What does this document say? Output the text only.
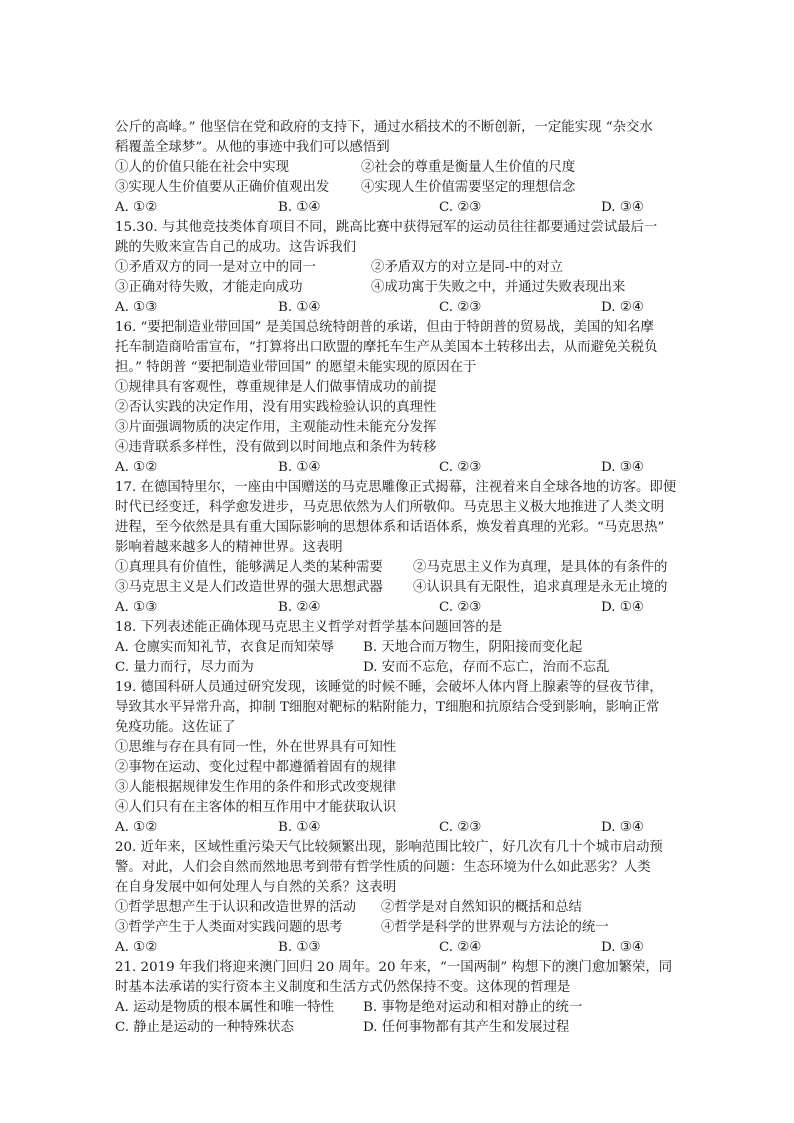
公斤的高峰。” 他坚信在党和政府的支持下，通过水稻技术的不断创新，一定能实现 “杂交水
稻覆盖全球梦”。从他的事迹中我们可以感悟到
①人的价值只能在社会中实现	②社会的尊重是衡量人生价值的尺度
③实现人生价值要从正确价值观出发	④实现人生价值需要坚定的理想信念
A. ①②	B. ①④	C. ②③	D. ③④
15.30. 与其他竞技类体育项目不同，跳高比赛中获得冠军的运动员往往都要通过尝试最后一
跳的失败来宣告自己的成功。这告诉我们
①矛盾双方的同一是对立中的同一	②矛盾双方的对立是同-中的对立
③正确对待失败，才能走向成功	④成功寓于失败之中，并通过失败表现出来
A. ①③	B. ①④	C. ②③	D. ②④
16. “要把制造业带回国” 是美国总统特朗普的承诺，但由于特朗普的贸易战，美国的知名摩
托车制造商哈雷宣布，“打算将出口欧盟的摩托车生产从美国本土转移出去，从而避免关税负
担。” 特朗普 “要把制造业带回国” 的愿望未能实现的原因在于
①规律具有客观性，尊重规律是人们做事情成功的前提
②否认实践的决定作用，没有用实践检验认识的真理性
③片面强调物质的决定作用，主观能动性未能充分发挥
④违背联系多样性，没有做到以时间地点和条件为转移
A. ①②	B. ①④	C. ②③	D. ③④
17. 在德国特里尔，一座由中国赠送的马克思雕像正式揭幕，注视着来自全球各地的访客。即便
时代已经变迁，科学愈发进步，马克思依然为人们所敬仰。马克思主义极大地推进了人类文明
进程，至今依然是具有重大国际影响的思想体系和话语体系，焕发着真理的光彩。“马克思热”
影响着越来越多人的精神世界。这表明
①真理具有价值性，能够满足人类的某种需要	②马克思主义作为真理，是具体的有条件的
③马克思主义是人们改造世界的强大思想武器	④认识具有无限性，追求真理是永无止境的
A. ①③	B. ②④	C. ②③	D. ①④
18. 下列表述能正确体现马克思主义哲学对哲学基本问题回答的是
A. 仓廪实而知礼节，衣食足而知荣辱	B. 天地合而万物生，阴阳接而变化起
C. 量力而行，尽力而为	D. 安而不忘危，存而不忘亡，治而不忘乱
19. 德国科研人员通过研究发现，该睡觉的时候不睡，会破坏人体内肾上腺素等的昼夜节律，
导致其水平异常升高，抑制 T细胞对靶标的粘附能力，T细胞和抗原结合受到影响，影响正常
免疫功能。这佐证了
①思维与存在具有同一性，外在世界具有可知性
②事物在运动、变化过程中都遵循着固有的规律
③人能根据规律发生作用的条件和形式改变规律
④人们只有在主客体的相互作用中才能获取认识
A. ①②	B. ①④	C. ②③	D. ③④
20. 近年来，区域性重污染天气比较频繁出现，影响范围比较广，好几次有几十个城市启动预
警。对此，人们会自然而然地思考到带有哲学性质的问题：生态环境为什么如此恶劣？人类
在自身发展中如何处理人与自然的关系？这表明
①哲学思想产生于认识和改造世界的活动	②哲学是对自然知识的概括和总结
③哲学产生于人类面对实践问题的思考	④哲学是科学的世界观与方法论的统一
A. ①②	B. ①③	C. ②④	D. ③④
21. 2019 年我们将迎来澳门回归 20 周年。20 年来，“一国两制” 构想下的澳门愈加繁荣，同
时基本法承诺的实行资本主义制度和生活方式仍然保持不变。这体现的哲理是
A. 运动是物质的根本属性和唯一特性	B. 事物是绝对运动和相对静止的统一
C. 静止是运动的一种特殊状态	D. 任何事物都有其产生和发展过程
